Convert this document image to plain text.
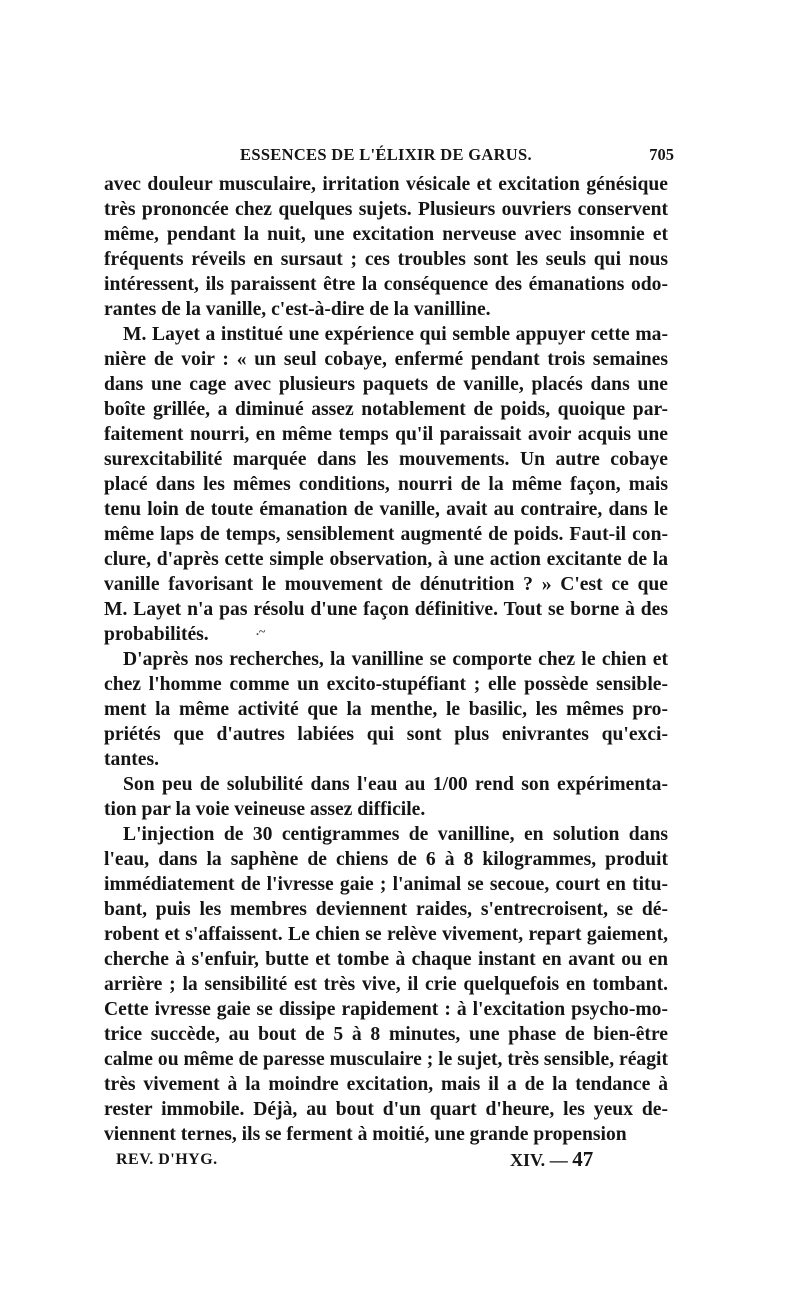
ESSENCES DE L'ÉLIXIR DE GARUS.	705
.~

avec douleur musculaire, irritation vésicale et excitation génésique
très prononcée chez quelques sujets. Plusieurs ouvriers conservent
même, pendant la nuit, une excitation nerveuse avec insomnie et
fréquents réveils en sursaut ; ces troubles sont les seuls qui nous
intéressent, ils paraissent être la conséquence des émanations odo-
rantes de la vanille, c'est-à-dire de la vanilline.

M. Layet a institué une expérience qui semble appuyer cette ma-
nière de voir : « un seul cobaye, enfermé pendant trois semaines
dans une cage avec plusieurs paquets de vanille, placés dans une
boîte grillée, a diminué assez notablement de poids, quoique par-
faitement nourri, en même temps qu'il paraissait avoir acquis une
surexcitabilité marquée dans les mouvements. Un autre cobaye
placé dans les mêmes conditions, nourri de la même façon, mais
tenu loin de toute émanation de vanille, avait au contraire, dans le
même laps de temps, sensiblement augmenté de poids. Faut-il con-
clure, d'après cette simple observation, à une action excitante de la
vanille favorisant le mouvement de dénutrition ? » C'est ce que
M. Layet n'a pas résolu d'une façon définitive. Tout se borne à des
probabilités.

D'après nos recherches, la vanilline se comporte chez le chien et
chez l'homme comme un excito-stupéfiant ; elle possède sensible-
ment la même activité que la menthe, le basilic, les mêmes pro-
priétés que d'autres labiées qui sont plus enivrantes qu'exci-
tantes.

Son peu de solubilité dans l'eau au 1/00 rend son expérimenta-
tion par la voie veineuse assez difficile.

L'injection de 30 centigrammes de vanilline, en solution dans
l'eau, dans la saphène de chiens de 6 à 8 kilogrammes, produit
immédiatement de l'ivresse gaie ; l'animal se secoue, court en titu-
bant, puis les membres deviennent raides, s'entrecroisent, se dé-
robent et s'affaissent. Le chien se relève vivement, repart gaiement,
cherche à s'enfuir, butte et tombe à chaque instant en avant ou en
arrière ; la sensibilité est très vive, il crie quelquefois en tombant.
Cette ivresse gaie se dissipe rapidement : à l'excitation psycho-mo-
trice succède, au bout de 5 à 8 minutes, une phase de bien-être
calme ou même de paresse musculaire ; le sujet, très sensible, réagit
très vivement à la moindre excitation, mais il a de la tendance à
rester immobile. Déjà, au bout d'un quart d'heure, les yeux de-
viennent ternes, ils se ferment à moitié, une grande propension

REV. D'HYG.	XIV. — 47
